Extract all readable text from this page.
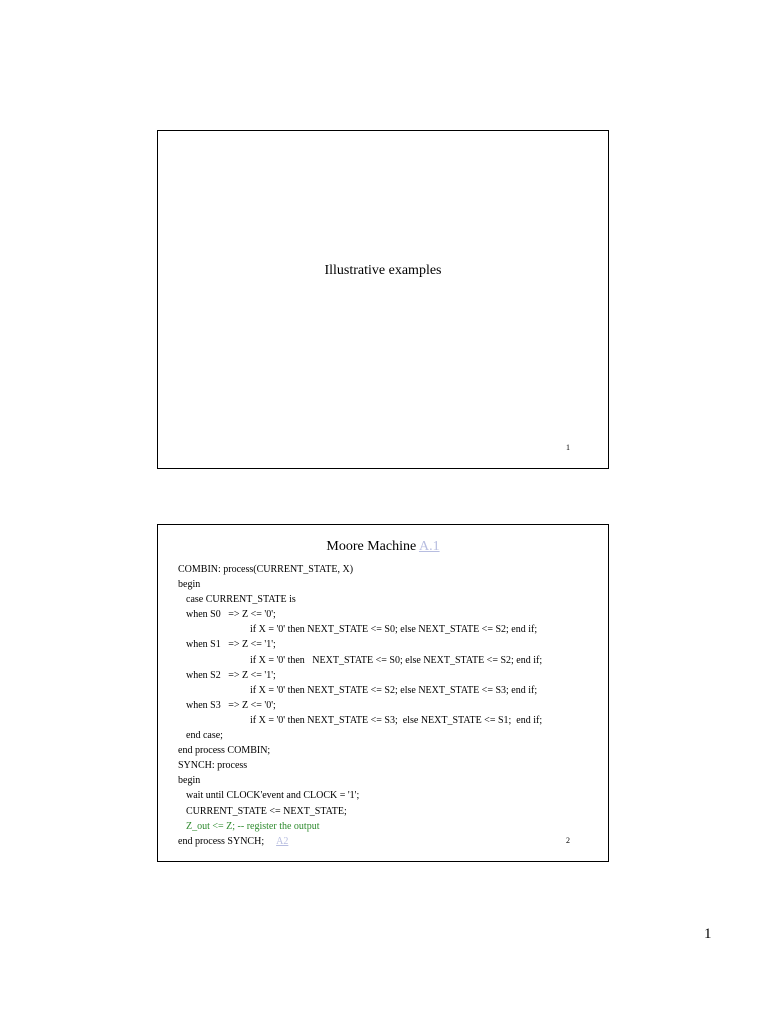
Illustrative examples
1
Moore Machine A.1
COMBIN: process(CURRENT_STATE, X)
begin
case CURRENT_STATE is
when S0   => Z <= '0';
if X = '0' then NEXT_STATE <= S0; else NEXT_STATE <= S2; end if;
when S1   => Z <= '1';
if X = '0' then   NEXT_STATE <= S0; else NEXT_STATE <= S2; end if;
when S2   => Z <= '1';
if X = '0' then NEXT_STATE <= S2; else NEXT_STATE <= S3; end if;
when S3   => Z <= '0';
if X = '0' then NEXT_STATE <= S3;  else NEXT_STATE <= S1;  end if;
end case;
end process COMBIN;
SYNCH: process
begin
wait until CLOCK'event and CLOCK = '1';
CURRENT_STATE <= NEXT_STATE;
Z_out <= Z; -- register the output
end process SYNCH; A2	2
1
